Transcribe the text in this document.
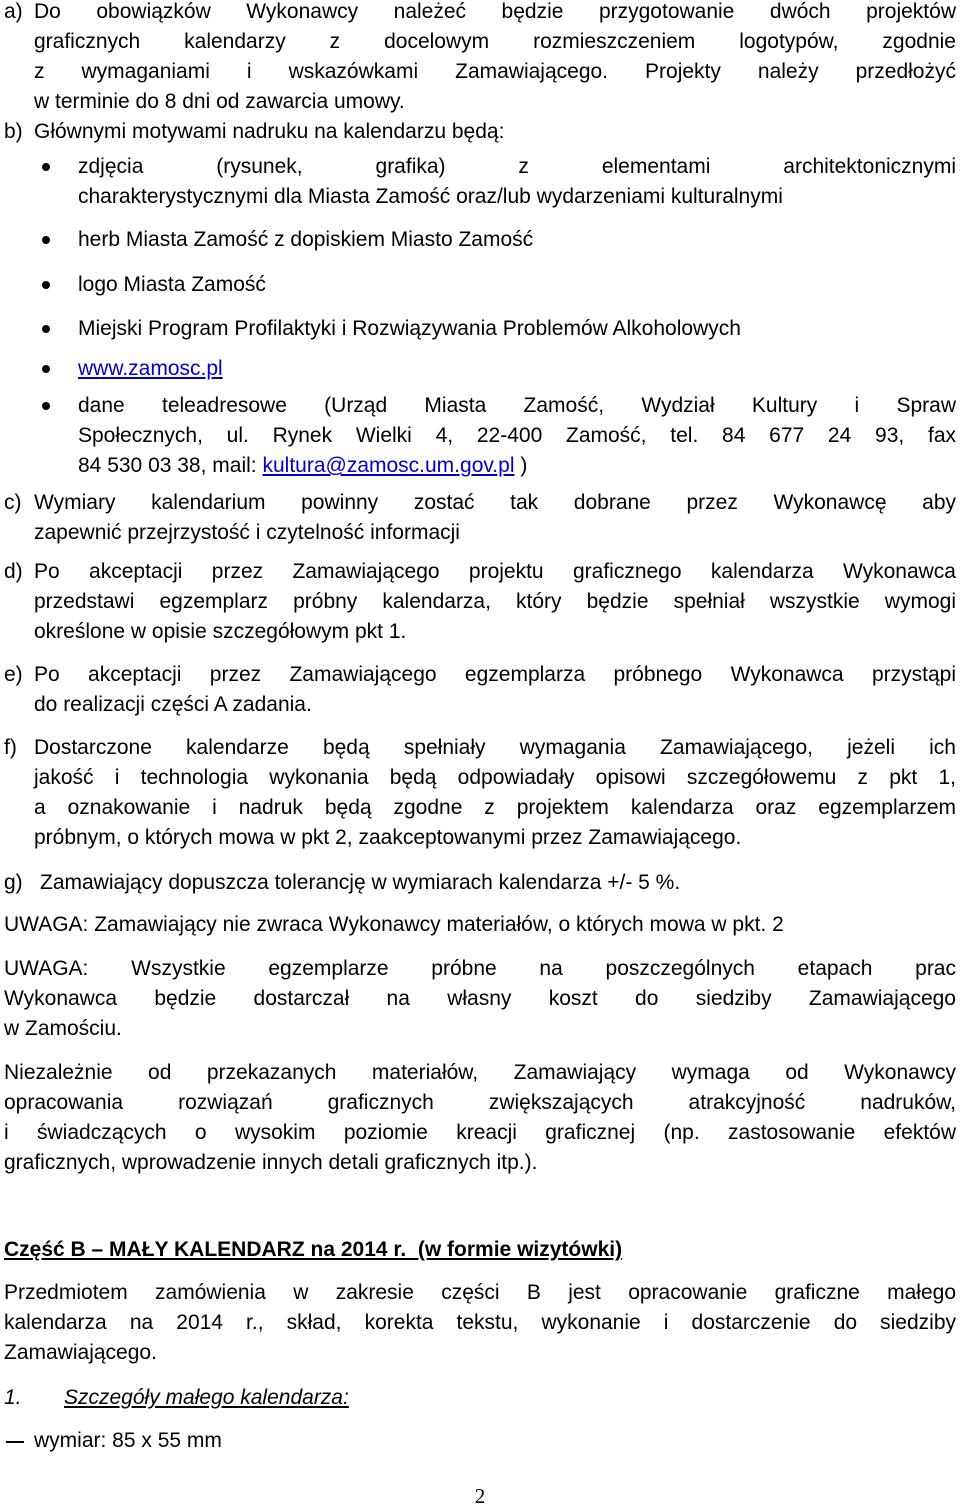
a) Do obowiązków Wykonawcy należeć będzie przygotowanie dwóch projektów
graficznych kalendarzy z docelowym rozmieszczeniem logotypów, zgodnie
z wymaganiami i wskazówkami Zamawiającego. Projekty należy przedłożyć
w terminie do 8 dni od zawarcia umowy.
b) Głównymi motywami nadruku na kalendarzu będą:
zdjęcia (rysunek, grafika) z elementami architektonicznymi
charakterystycznymi dla Miasta Zamość oraz/lub wydarzeniami kulturalnymi
herb Miasta Zamość z dopiskiem Miasto Zamość
logo Miasta Zamość
Miejski Program Profilaktyki i Rozwiązywania Problemów Alkoholowych
www.zamosc.pl
dane teleadresowe (Urząd Miasta Zamość, Wydział Kultury i Spraw
Społecznych, ul. Rynek Wielki 4, 22-400 Zamość, tel. 84 677 24 93, fax
84 530 03 38, mail: kultura@zamosc.um.gov.pl )
c) Wymiary kalendarium powinny zostać tak dobrane przez Wykonawcę aby
zapewnić przejrzystość i czytelność informacji
d) Po akceptacji przez Zamawiającego projektu graficznego kalendarza Wykonawca
przedstawi egzemplarz próbny kalendarza, który będzie spełniał wszystkie wymogi
określone w opisie szczegółowym pkt 1.
e) Po akceptacji przez Zamawiającego egzemplarza próbnego Wykonawca przystąpi
do realizacji części A zadania.
f) Dostarczone kalendarze będą spełniały wymagania Zamawiającego, jeżeli ich
jakość i technologia wykonania będą odpowiadały opisowi szczegółowemu z pkt 1,
a oznakowanie i nadruk będą zgodne z projektem kalendarza oraz egzemplarzem
próbnym, o których mowa w pkt 2, zaakceptowanymi przez Zamawiającego.
g) Zamawiający dopuszcza tolerancję w wymiarach kalendarza +/- 5 %.
UWAGA: Zamawiający nie zwraca Wykonawcy materiałów, o których mowa w pkt. 2
UWAGA: Wszystkie egzemplarze próbne na poszczególnych etapach prac
Wykonawca będzie dostarczał na własny koszt do siedziby Zamawiającego
w Zamościu.
Niezależnie od przekazanych materiałów, Zamawiający wymaga od Wykonawcy
opracowania rozwiązań graficznych zwiększających atrakcyjność nadruków,
i świadczących o wysokim poziomie kreacji graficznej (np. zastosowanie efektów
graficznych, wprowadzenie innych detali graficznych itp.).
Część B – MAŁY KALENDARZ na 2014 r.  (w formie wizytówki)
Przedmiotem zamówienia w zakresie części B jest opracowanie graficzne małego
kalendarza na 2014 r., skład, korekta tekstu, wykonanie i dostarczenie do siedziby
Zamawiającego.
1. Szczegóły małego kalendarza:
wymiar: 85 x 55 mm
2
